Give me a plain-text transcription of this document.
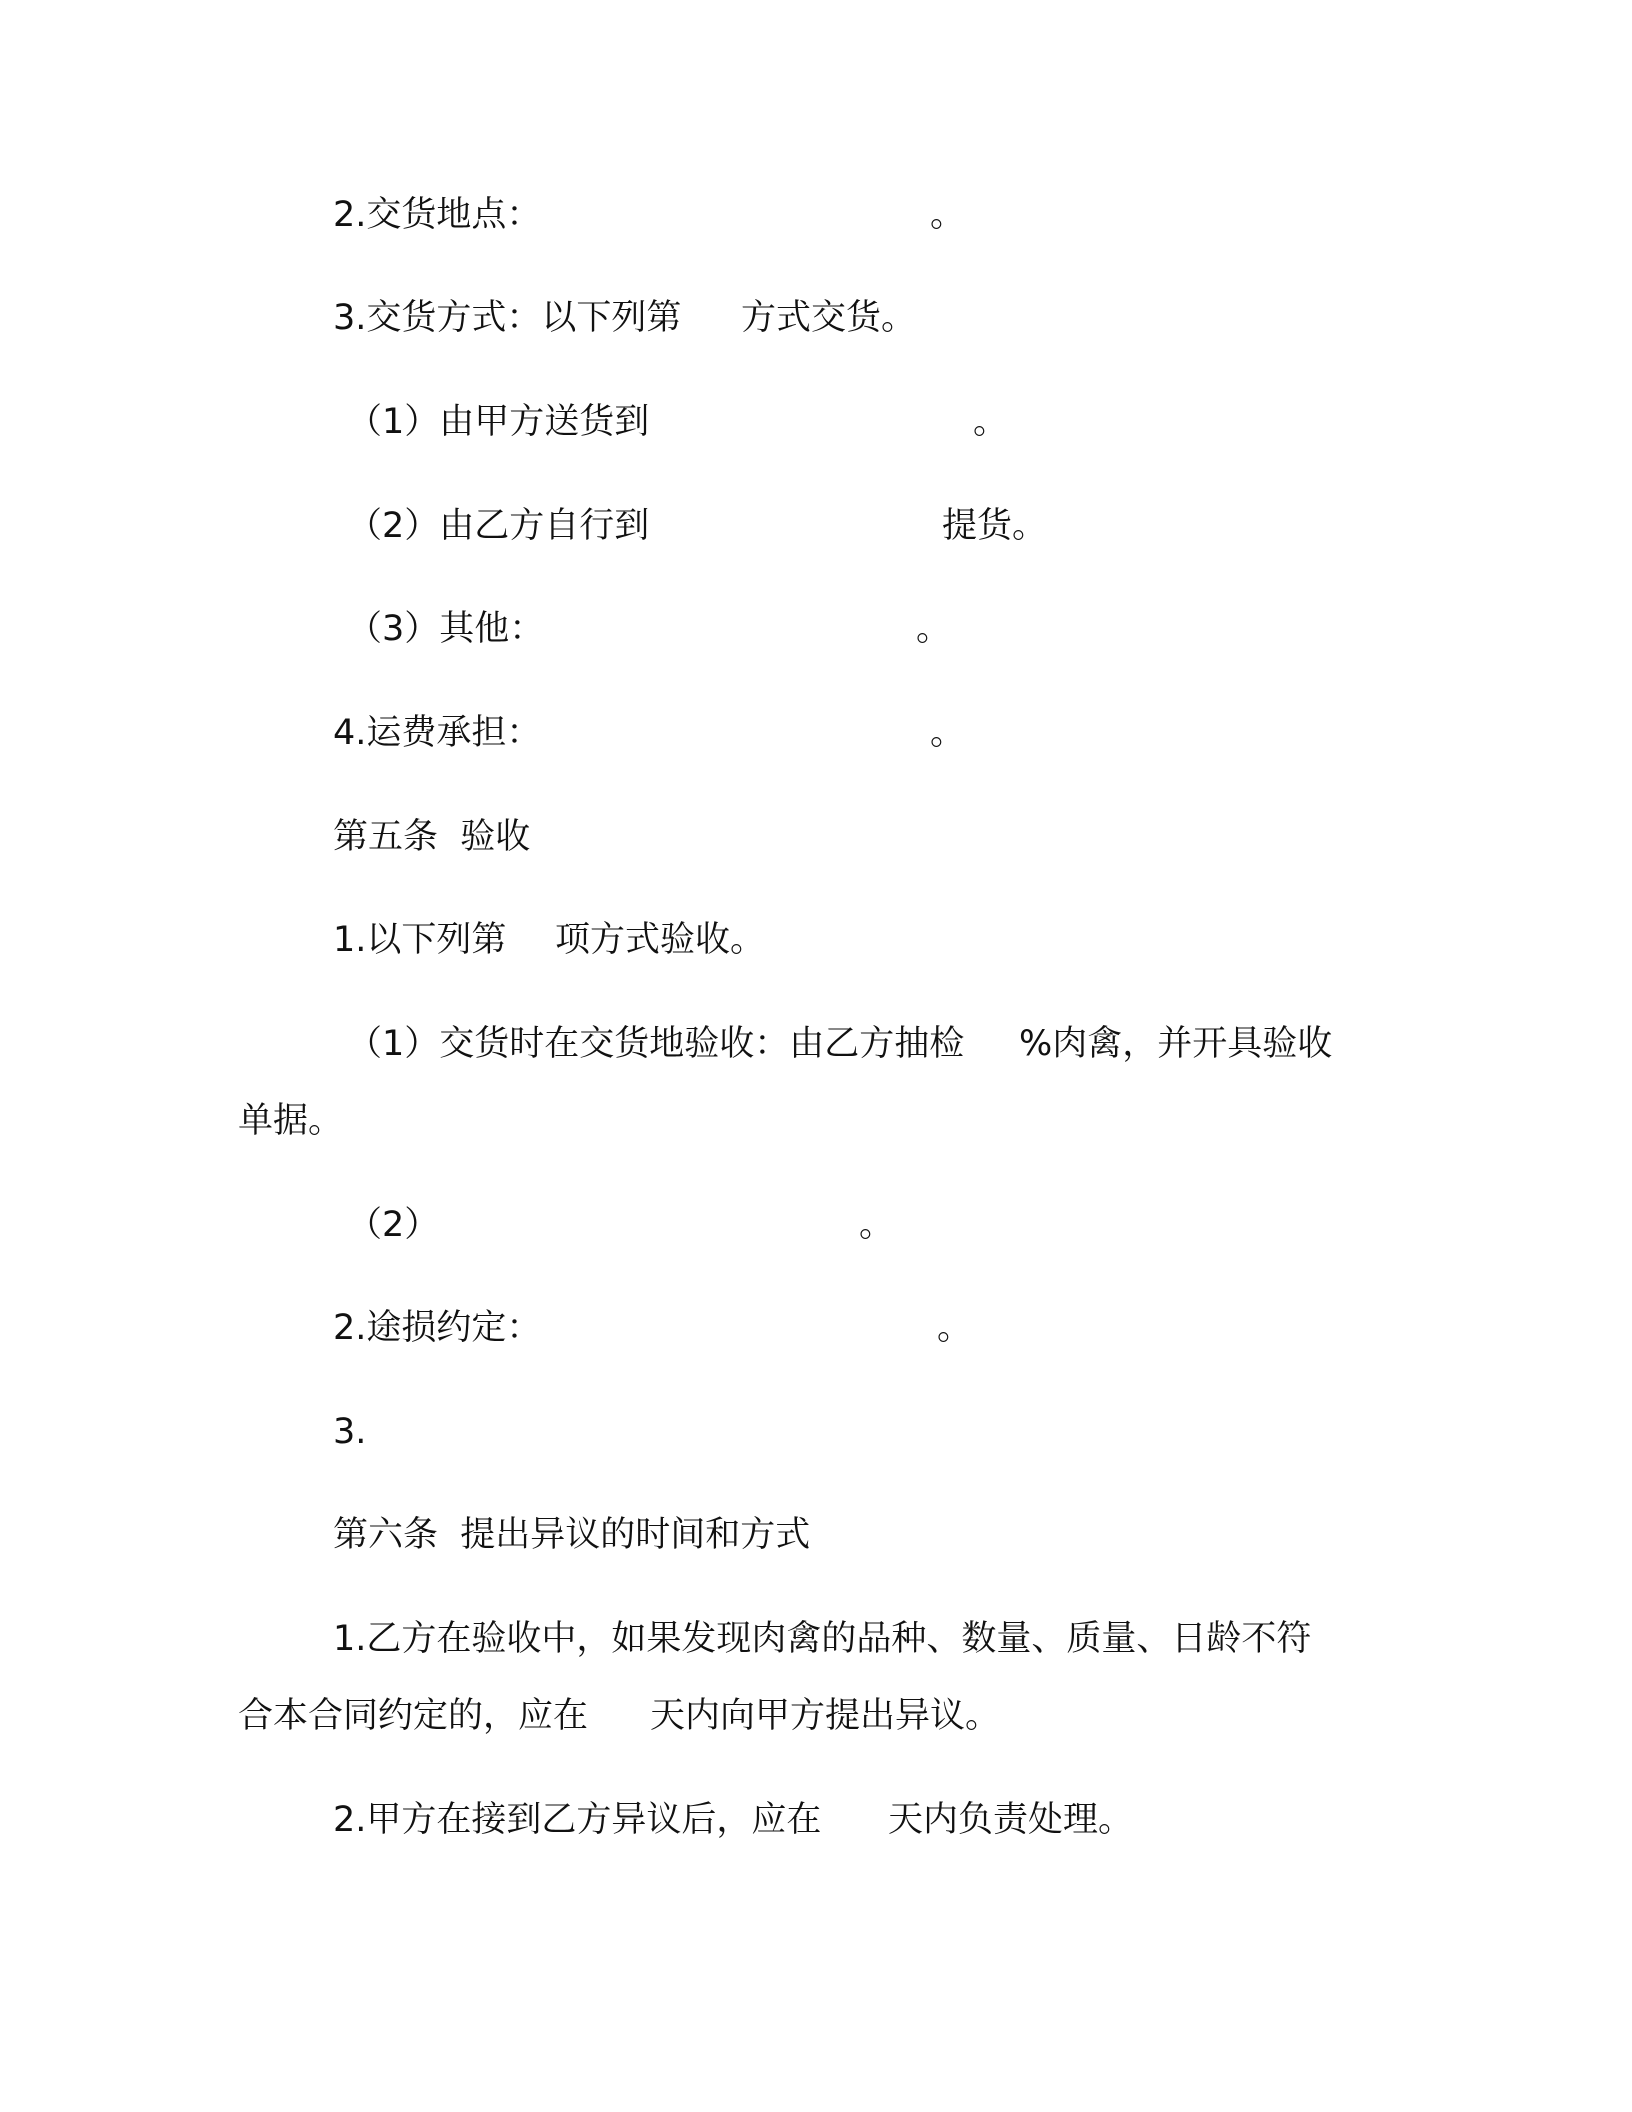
2.交货地点：

	。

3.交货方式：以下列第

方式交货。

（1）由甲方送货到

	。

（2）由乙方自行到

	提货。

（3）其他：

	。

4.运费承担：

	。

第五条  验收

1.以下列第

项方式验收。

（1）交货时在交货地验收：由乙方抽检

%肉禽，并开具验收

单据。

（2）

	。

2.途损约定：

	。

3.

第六条  提出异议的时间和方式

1.乙方在验收中，如果发现肉禽的品种、数量、质量、日龄不符

合本合同约定的，应在

天内向甲方提出异议。

2.甲方在接到乙方异议后，应在

天内负责处理。
